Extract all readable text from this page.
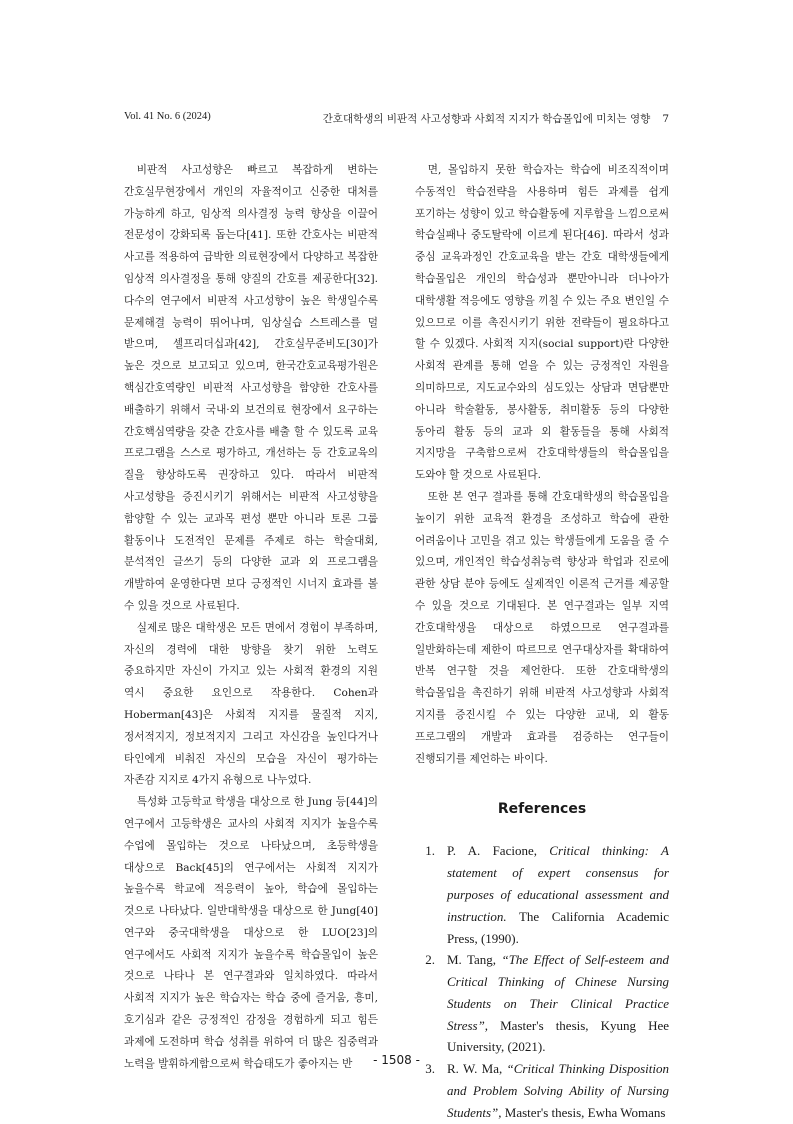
Vol. 41 No. 6 (2024)	간호대학생의 비판적 사고성향과 사회적 지지가 학습몰입에 미치는 영향 7

비판적 사고성향은 빠르고 복잡하게 변하는 간호실무현장에서 개인의 자율적이고 신중한 대처를 가능하게 하고, 임상적 의사결정 능력 향상을 이끌어 전문성이 강화되록 돕는다[41]. 또한 간호사는 비판적 사고를 적용하여 급박한 의료현장에서 다양하고 복잡한 임상적 의사결정을 통해 양질의 간호를 제공한다[32]. 다수의 연구에서 비판적 사고성향이 높은 학생일수록 문제해결 능력이 뛰어나며, 임상실습 스트레스를 덜 받으며, 셀프리더십과[42], 간호실무준비도[30]가 높은 것으로 보고되고 있으며, 한국간호교육평가원은 핵심간호역량인 비판적 사고성향을 함양한 간호사를 배출하기 위해서 국내·외 보건의료 현장에서 요구하는 간호핵심역량을 갖춘 간호사를 배출 할 수 있도록 교육 프로그램을 스스로 평가하고, 개선하는 등 간호교육의 질을 향상하도록 권장하고 있다. 따라서 비판적 사고성향을 증진시키기 위해서는 비판적 사고성향을 함양할 수 있는 교과목 편성 뿐만 아니라 토론 그룹 활동이나 도전적인 문제를 주제로 하는 학술대회, 분석적인 글쓰기 등의 다양한 교과 외 프로그램을 개발하여 운영한다면 보다 긍정적인 시너지 효과를 볼 수 있을 것으로 사료된다.

실제로 많은 대학생은 모든 면에서 경험이 부족하며, 자신의 경력에 대한 방향을 찾기 위한 노력도 중요하지만 자신이 가지고 있는 사회적 환경의 지원 역시 중요한 요인으로 작용한다. Cohen과 Hoberman[43]은 사회적 지지를 물질적 지지, 정서적지지, 정보적지지 그리고 자신감을 높인다거나 타인에게 비춰진 자신의 모습을 자신이 평가하는 자존감 지지로 4가지 유형으로 나누었다.

특성화 고등학교 학생을 대상으로 한 Jung 등[44]의 연구에서 고등학생은 교사의 사회적 지지가 높을수록 수업에 몰입하는 것으로 나타났으며, 초등학생을 대상으로 Back[45]의 연구에서는 사회적 지지가 높을수록 학교에 적응력이 높아, 학습에 몰입하는 것으로 나타났다. 일반대학생을 대상으로 한 Jung[40]연구와 중국대학생을 대상으로 한 LUO[23]의 연구에서도 사회적 지지가 높을수록 학습몰입이 높은 것으로 나타나 본 연구결과와 일치하였다. 따라서 사회적 지지가 높은 학습자는 학습 중에 즐거움, 흥미, 호기심과 같은 긍정적인 감정을 경험하게 되고 힘든 과제에 도전하며 학습 성취를 위하여 더 많은 집중력과 노력을 발휘하게함으로써 학습태도가 좋아지는 반

면, 몰입하지 못한 학습자는 학습에 비조직적이며 수동적인 학습전략을 사용하며 힘든 과제를 쉽게 포기하는 성향이 있고 학습활동에 지루함을 느낌으로써 학습실패나 중도탈락에 이르게 된다[46]. 따라서 성과 중심 교육과정인 간호교육을 받는 간호 대학생들에게 학습몰입은 개인의 학습성과 뿐만아니라 더나아가 대학생활 적응에도 영향을 끼칠 수 있는 주요 변인일 수 있으므로 이를 촉진시키기 위한 전략들이 필요하다고 할 수 있겠다. 사회적 지지(social support)란 다양한 사회적 관계를 통해 얻을 수 있는 긍정적인 자원을 의미하므로, 지도교수와의 심도있는 상담과 면담뿐만 아니라 학술활동, 봉사활동, 취미활동 등의 다양한 동아리 활동 등의 교과 외 활동들을 통해 사회적 지지망을 구축함으로써 간호대학생들의 학습몰입을 도와야 할 것으로 사료된다.

또한 본 연구 결과를 통해 간호대학생의 학습몰입을 높이기 위한 교육적 환경을 조성하고 학습에 관한 어려움이나 고민을 겪고 있는 학생들에게 도움을 줄 수 있으며, 개인적인 학습성취능력 향상과 학업과 진로에 관한 상담 분야 등에도 실제적인 이론적 근거를 제공할 수 있을 것으로 기대된다. 본 연구결과는 일부 지역 간호대학생을 대상으로 하였으므로 연구결과를 일반화하는데 제한이 따르므로 연구대상자를 확대하여 반복 연구할 것을 제언한다. 또한 간호대학생의 학습몰입을 촉진하기 위해 비판적 사고성향과 사회적 지지를 증진시킬 수 있는 다양한 교내, 외 활동 프로그램의 개발과 효과를 검증하는 연구들이 진행되기를 제언하는 바이다.

References
1. P. A. Facione, Critical thinking: A statement of expert consensus for purposes of educational assessment and instruction. The California Academic Press, (1990).
2. M. Tang, “The Effect of Self-esteem and Critical Thinking of Chinese Nursing Students on Their Clinical Practice Stress”, Master's thesis, Kyung Hee University, (2021).
3. R. W. Ma, “Critical Thinking Disposition and Problem Solving Ability of Nursing Students”, Master's thesis, Ewha Womans
- 1508 -
